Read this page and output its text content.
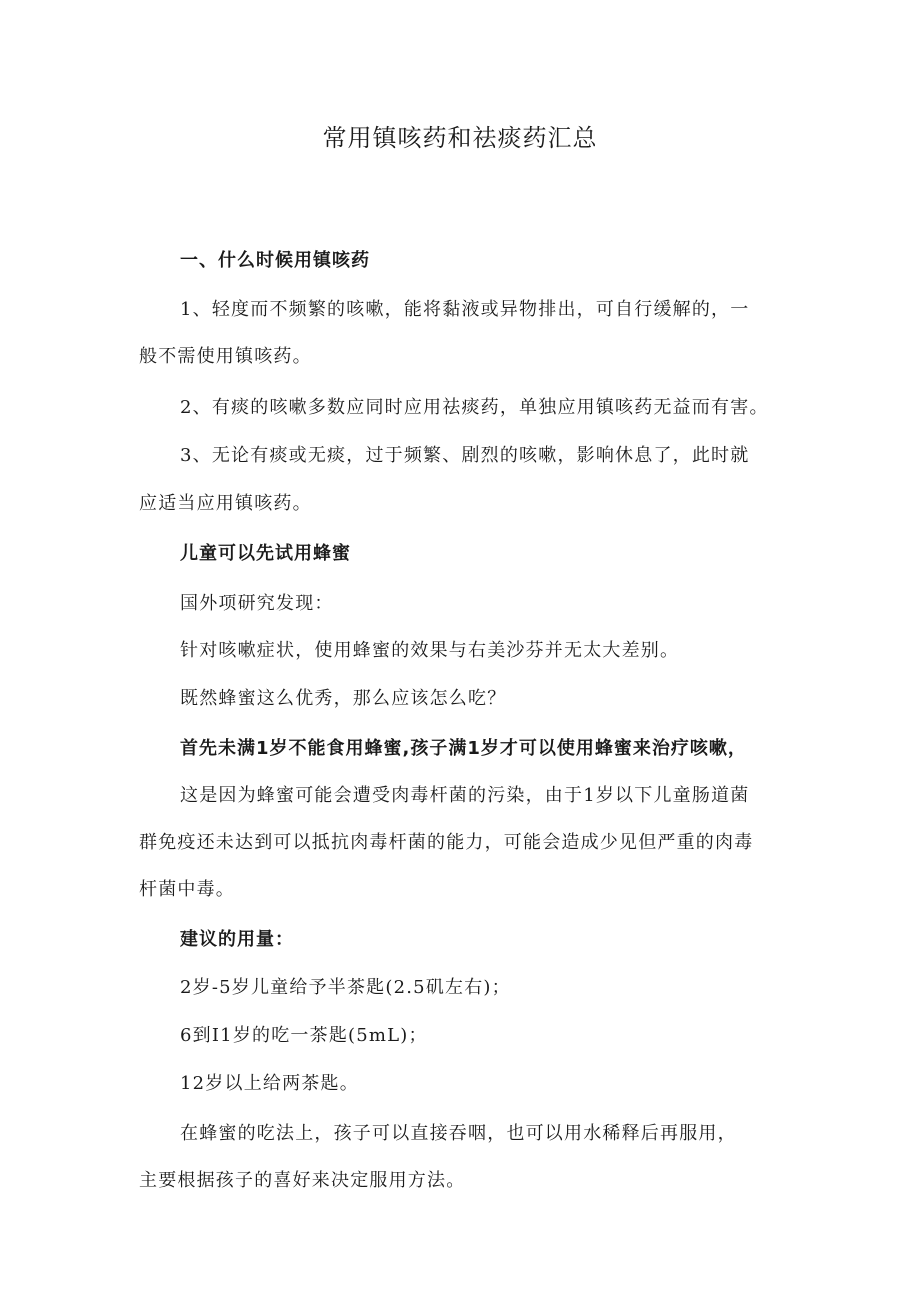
常用镇咳药和祛痰药汇总
一、什么时候用镇咳药
1、轻度而不频繁的咳嗽，能将黏液或异物排出，可自行缓解的，一
般不需使用镇咳药。
2、有痰的咳嗽多数应同时应用祛痰药，单独应用镇咳药无益而有害。
3、无论有痰或无痰，过于频繁、剧烈的咳嗽，影响休息了，此时就
应适当应用镇咳药。
儿童可以先试用蜂蜜
国外项研究发现：
针对咳嗽症状，使用蜂蜜的效果与右美沙芬并无太大差别。
既然蜂蜜这么优秀，那么应该怎么吃？
首先未满1岁不能食用蜂蜜,孩子满1岁才可以使用蜂蜜来治疗咳嗽，
这是因为蜂蜜可能会遭受肉毒杆菌的污染，由于1岁以下儿童肠道菌
群免疫还未达到可以抵抗肉毒杆菌的能力，可能会造成少见但严重的肉毒
杆菌中毒。
建议的用量：
2岁-5岁儿童给予半茶匙(2.5矶左右)；
6到I1岁的吃一茶匙(5mL)；
12岁以上给两茶匙。
在蜂蜜的吃法上，孩子可以直接吞咽，也可以用水稀释后再服用，
主要根据孩子的喜好来决定服用方法。
